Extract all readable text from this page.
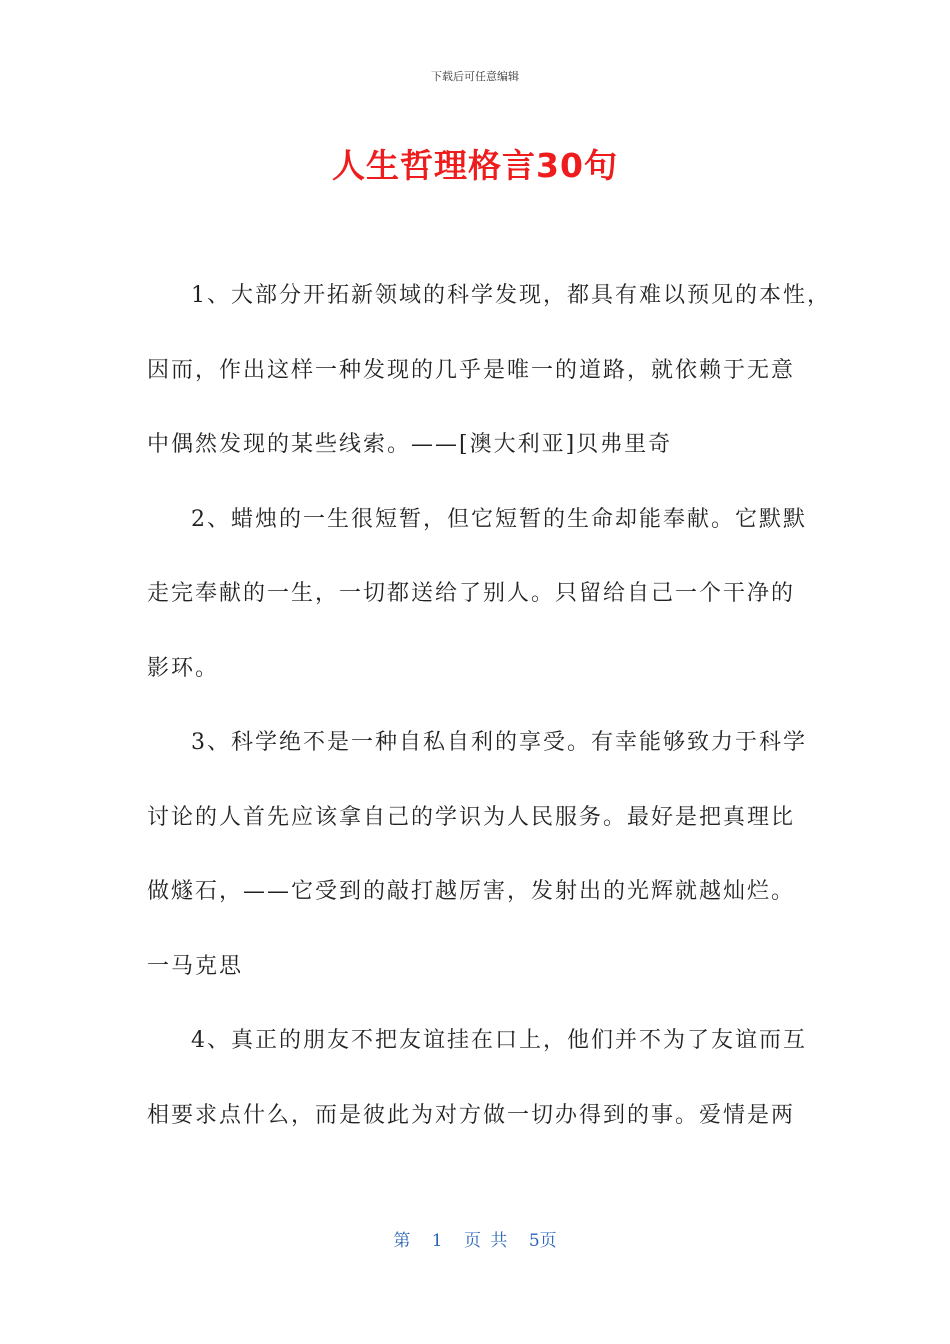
下载后可任意编辑
人生哲理格言30句
1、大部分开拓新领域的科学发现，都具有难以预见的本性，
因而，作出这样一种发现的几乎是唯一的道路，就依赖于无意
中偶然发现的某些线索。——[澳大利亚]贝弗里奇
2、蜡烛的一生很短暂，但它短暂的生命却能奉献。它默默
走完奉献的一生，一切都送给了别人。只留给自己一个干净的
影环。
3、科学绝不是一种自私自利的享受。有幸能够致力于科学
讨论的人首先应该拿自己的学识为人民服务。最好是把真理比
做燧石，——它受到的敲打越厉害，发射出的光辉就越灿烂。
一马克思
4、真正的朋友不把友谊挂在口上，他们并不为了友谊而互
相要求点什么，而是彼此为对方做一切办得到的事。爱情是两
第 1 页 共 5页
